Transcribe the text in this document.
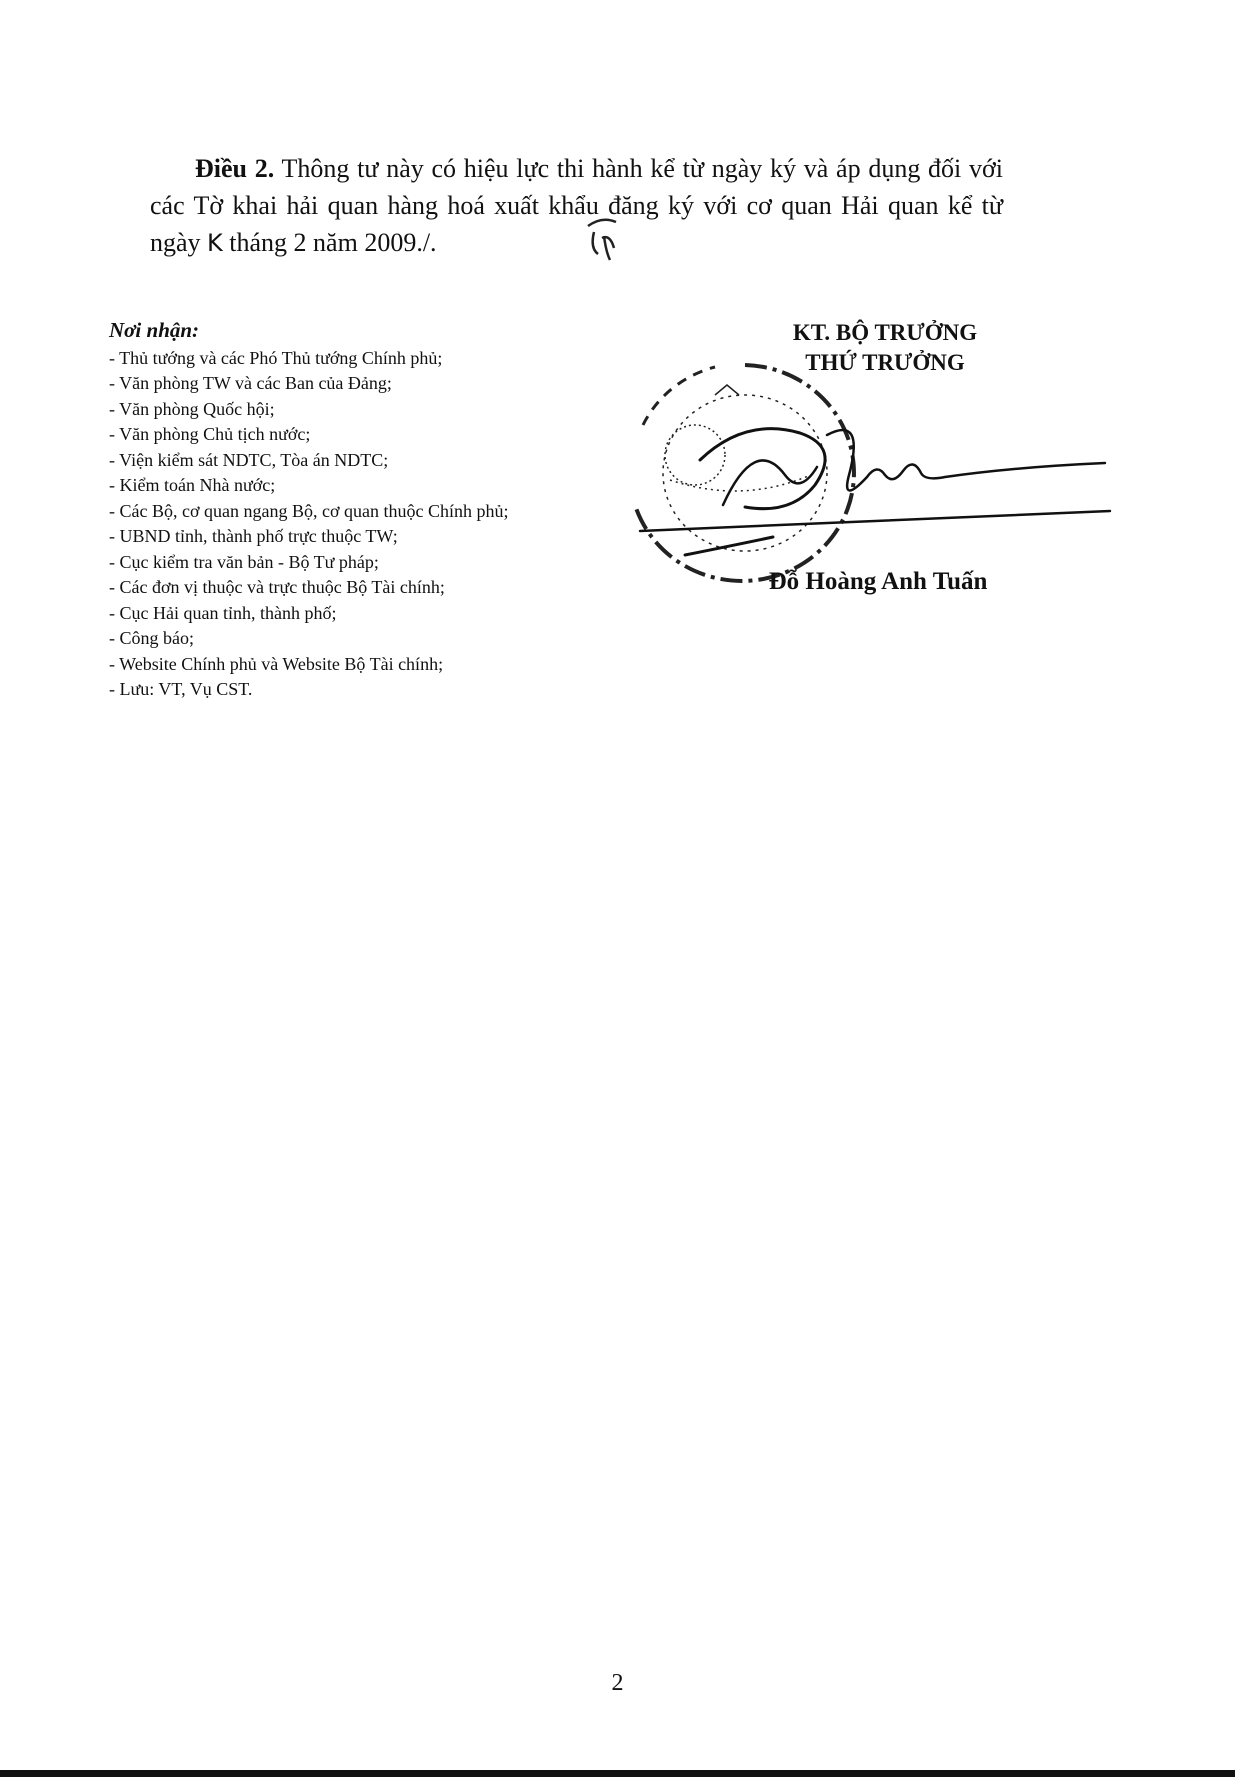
Điều 2. Thông tư này có hiệu lực thi hành kể từ ngày ký và áp dụng đối với các Tờ khai hải quan hàng hoá xuất khẩu đăng ký với cơ quan Hải quan kể từ ngày K tháng 2 năm 2009./.
Nơi nhận:
- Thủ tướng và các Phó Thủ tướng Chính phủ;
- Văn phòng TW và các Ban của Đảng;
- Văn phòng Quốc hội;
- Văn phòng Chủ tịch nước;
- Viện kiểm sát NDTC, Tòa án NDTC;
- Kiểm toán Nhà nước;
- Các Bộ, cơ quan ngang Bộ, cơ quan thuộc Chính phủ;
- UBND tỉnh, thành phố trực thuộc TW;
- Cục kiểm tra văn bản - Bộ Tư pháp;
- Các đơn vị thuộc và trực thuộc Bộ Tài chính;
- Cục Hải quan tỉnh, thành phố;
- Công báo;
- Website Chính phủ và Website Bộ Tài chính;
- Lưu: VT, Vụ CST.
KT. BỘ TRƯỞNG
THỨ TRƯỞNG
Đỗ Hoàng Anh Tuấn
2
